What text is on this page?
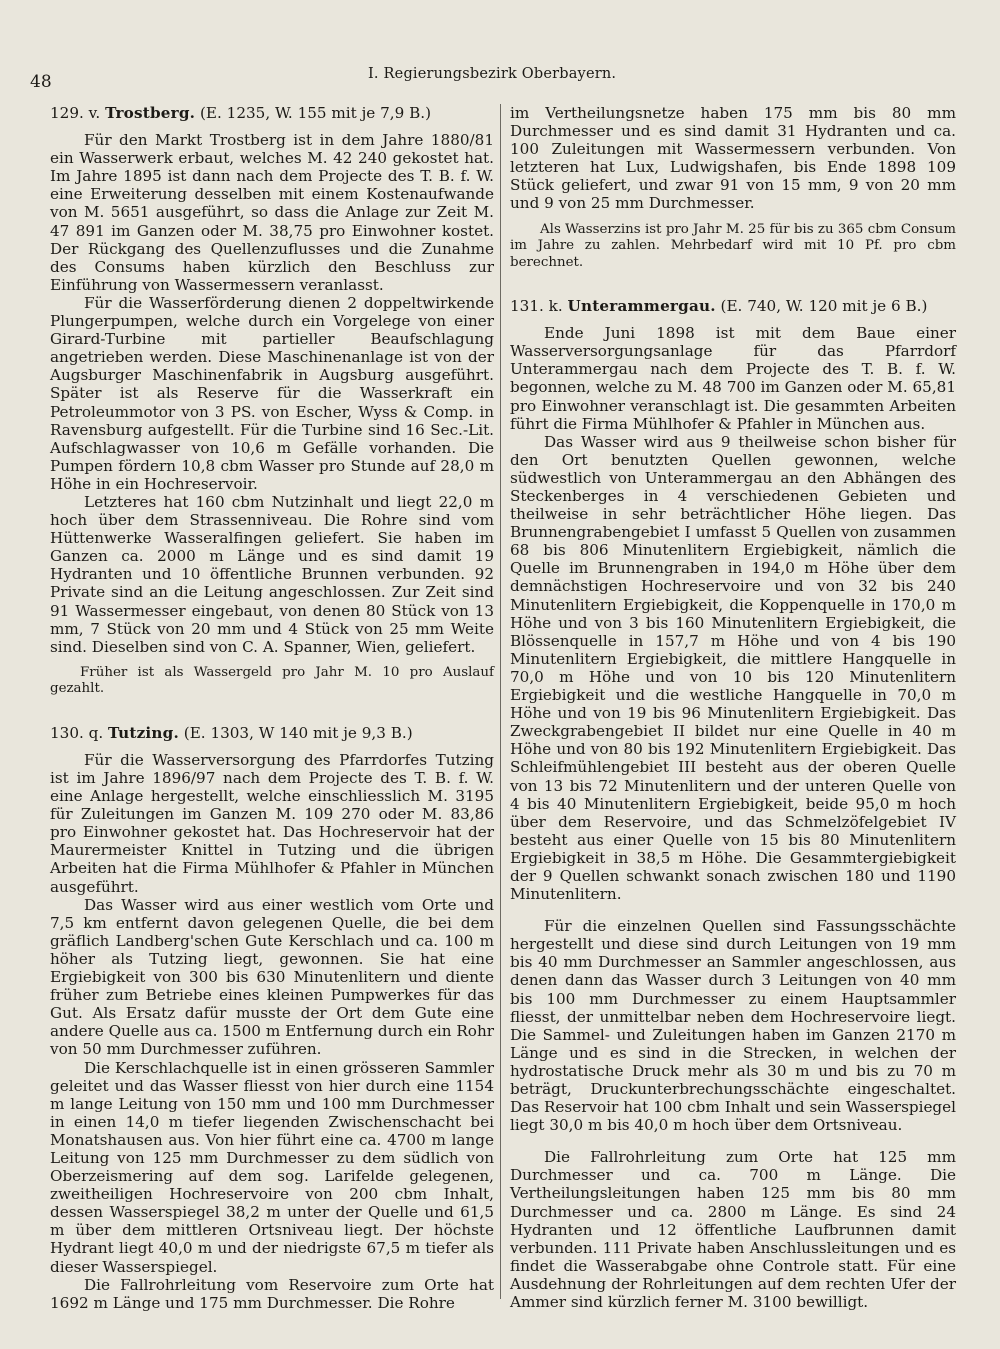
48	I. Regierungsbezirk Oberbayern.

129. v. Trostberg. (E. 1235, W. 155 mit je 7,9 B.)

Für den Markt Trostberg ist in dem Jahre 1880/81 ein Wasserwerk erbaut, welches M. 42 240 gekostet hat. Im Jahre 1895 ist dann nach dem Projecte des T. B. f. W. eine Erweiterung desselben mit einem Kostenaufwande von M. 5651 ausgeführt, so dass die Anlage zur Zeit M. 47 891 im Ganzen oder M. 38,75 pro Einwohner kostet. Der Rückgang des Quellenzuflusses und die Zunahme des Consums haben kürzlich den Beschluss zur Einführung von Wassermessern veranlasst.

Für die Wasserförderung dienen 2 doppeltwirkende Plungerpumpen, welche durch ein Vorgelege von einer Girard-Turbine mit partieller Beaufschlagung angetrieben werden. Diese Maschinenanlage ist von der Augsburger Maschinenfabrik in Augsburg ausgeführt. Später ist als Reserve für die Wasserkraft ein Petroleummotor von 3 PS. von Escher, Wyss & Comp. in Ravensburg aufgestellt. Für die Turbine sind 16 Sec.-Lit. Aufschlagwasser von 10,6 m Gefälle vorhanden. Die Pumpen fördern 10,8 cbm Wasser pro Stunde auf 28,0 m Höhe in ein Hochreservoir.

Letzteres hat 160 cbm Nutzinhalt und liegt 22,0 m hoch über dem Strassenniveau. Die Rohre sind vom Hüttenwerke Wasseralfingen geliefert. Sie haben im Ganzen ca. 2000 m Länge und es sind damit 19 Hydranten und 10 öffentliche Brunnen verbunden. 92 Private sind an die Leitung angeschlossen. Zur Zeit sind 91 Wassermesser eingebaut, von denen 80 Stück von 13 mm, 7 Stück von 20 mm und 4 Stück von 25 mm Weite sind. Dieselben sind von C. A. Spanner, Wien, geliefert.

Früher ist als Wassergeld pro Jahr M. 10 pro Auslauf gezahlt.

130. q. Tutzing. (E. 1303, W 140 mit je 9,3 B.)

Für die Wasserversorgung des Pfarrdorfes Tutzing ist im Jahre 1896/97 nach dem Projecte des T. B. f. W. eine Anlage hergestellt, welche einschliesslich M. 3195 für Zuleitungen im Ganzen M. 109 270 oder M. 83,86 pro Einwohner gekostet hat. Das Hochreservoir hat der Maurermeister Knittel in Tutzing und die übrigen Arbeiten hat die Firma Mühlhofer & Pfahler in München ausgeführt.

Das Wasser wird aus einer westlich vom Orte und 7,5 km entfernt davon gelegenen Quelle, die bei dem gräflich Landberg'schen Gute Kerschlach und ca. 100 m höher als Tutzing liegt, gewonnen. Sie hat eine Ergiebigkeit von 300 bis 630 Minutenlitern und diente früher zum Betriebe eines kleinen Pumpwerkes für das Gut. Als Ersatz dafür musste der Ort dem Gute eine andere Quelle aus ca. 1500 m Entfernung durch ein Rohr von 50 mm Durchmesser zuführen.

Die Kerschlachquelle ist in einen grösseren Sammler geleitet und das Wasser fliesst von hier durch eine 1154 m lange Leitung von 150 mm und 100 mm Durchmesser in einen 14,0 m tiefer liegenden Zwischenschacht bei Monatshausen aus. Von hier führt eine ca. 4700 m lange Leitung von 125 mm Durchmesser zu dem südlich von Oberzeismering auf dem sog. Larifelde gelegenen, zweitheiligen Hochreservoire von 200 cbm Inhalt, dessen Wasserspiegel 38,2 m unter der Quelle und 61,5 m über dem mittleren Ortsniveau liegt. Der höchste Hydrant liegt 40,0 m und der niedrigste 67,5 m tiefer als dieser Wasserspiegel.

Die Fallrohrleitung vom Reservoire zum Orte hat 1692 m Länge und 175 mm Durchmesser. Die Rohre

im Vertheilungsnetze haben 175 mm bis 80 mm Durchmesser und es sind damit 31 Hydranten und ca. 100 Zuleitungen mit Wassermessern verbunden. Von letzteren hat Lux, Ludwigshafen, bis Ende 1898 109 Stück geliefert, und zwar 91 von 15 mm, 9 von 20 mm und 9 von 25 mm Durchmesser.

Als Wasserzins ist pro Jahr M. 25 für bis zu 365 cbm Consum im Jahre zu zahlen. Mehrbedarf wird mit 10 Pf. pro cbm berechnet.

131. k. Unterammergau. (E. 740, W. 120 mit je 6 B.)

Ende Juni 1898 ist mit dem Baue einer Wasserversorgungsanlage für das Pfarrdorf Unterammergau nach dem Projecte des T. B. f. W. begonnen, welche zu M. 48 700 im Ganzen oder M. 65,81 pro Einwohner veranschlagt ist. Die gesammten Arbeiten führt die Firma Mühlhofer & Pfahler in München aus.

Das Wasser wird aus 9 theilweise schon bisher für den Ort benutzten Quellen gewonnen, welche südwestlich von Unterammergau an den Abhängen des Steckenberges in 4 verschiedenen Gebieten und theilweise in sehr beträchtlicher Höhe liegen. Das Brunnengrabengebiet I umfasst 5 Quellen von zusammen 68 bis 806 Minutenlitern Ergiebigkeit, nämlich die Quelle im Brunnengraben in 194,0 m Höhe über dem demnächstigen Hochreservoire und von 32 bis 240 Minutenlitern Ergiebigkeit, die Koppenquelle in 170,0 m Höhe und von 3 bis 160 Minutenlitern Ergiebigkeit, die Blössenquelle in 157,7 m Höhe und von 4 bis 190 Minutenlitern Ergiebigkeit, die mittlere Hangquelle in 70,0 m Höhe und von 10 bis 120 Minutenlitern Ergiebigkeit und die westliche Hangquelle in 70,0 m Höhe und von 19 bis 96 Minutenlitern Ergiebigkeit. Das Zweckgrabengebiet II bildet nur eine Quelle in 40 m Höhe und von 80 bis 192 Minutenlitern Ergiebigkeit. Das Schleifmühlengebiet III besteht aus der oberen Quelle von 13 bis 72 Minutenlitern und der unteren Quelle von 4 bis 40 Minutenlitern Ergiebigkeit, beide 95,0 m hoch über dem Reservoire, und das Schmelzöfelgebiet IV besteht aus einer Quelle von 15 bis 80 Minutenlitern Ergiebigkeit in 38,5 m Höhe. Die Gesammtergiebigkeit der 9 Quellen schwankt sonach zwischen 180 und 1190 Minutenlitern.

Für die einzelnen Quellen sind Fassungsschächte hergestellt und diese sind durch Leitungen von 19 mm bis 40 mm Durchmesser an Sammler angeschlossen, aus denen dann das Wasser durch 3 Leitungen von 40 mm bis 100 mm Durchmesser zu einem Hauptsammler fliesst, der unmittelbar neben dem Hochreservoire liegt. Die Sammel- und Zuleitungen haben im Ganzen 2170 m Länge und es sind in die Strecken, in welchen der hydrostatische Druck mehr als 30 m und bis zu 70 m beträgt, Druckunterbrechungsschächte eingeschaltet. Das Reservoir hat 100 cbm Inhalt und sein Wasserspiegel liegt 30,0 m bis 40,0 m hoch über dem Ortsniveau.

Die Fallrohrleitung zum Orte hat 125 mm Durchmesser und ca. 700 m Länge. Die Vertheilungsleitungen haben 125 mm bis 80 mm Durchmesser und ca. 2800 m Länge. Es sind 24 Hydranten und 12 öffentliche Laufbrunnen damit verbunden. 111 Private haben Anschlussleitungen und es findet die Wasserabgabe ohne Controle statt. Für eine Ausdehnung der Rohrleitungen auf dem rechten Ufer der Ammer sind kürzlich ferner M. 3100 bewilligt.
